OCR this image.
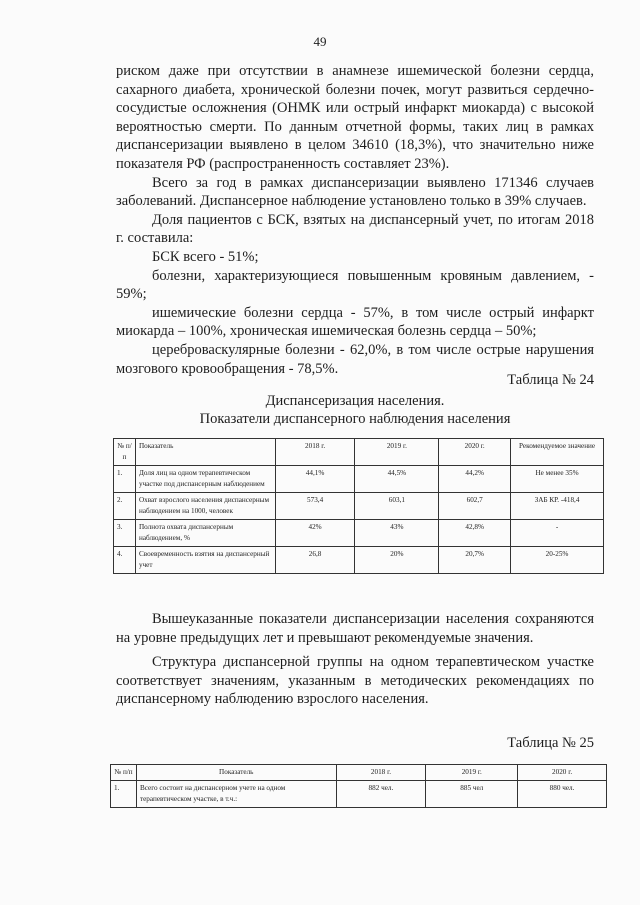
49

риском даже при отсутствии в анамнезе ишемической болезни сердца, сахарного диабета, хронической болезни почек, могут развиться сердечно-сосудистые осложнения (ОНМК или острый инфаркт миокарда) с высокой вероятностью смерти. По данным отчетной формы, таких лиц в рамках диспансеризации выявлено в целом 34610 (18,3%), что значительно ниже показателя РФ (распространенность составляет 23%).

Всего за год в рамках диспансеризации выявлено 171346 случаев заболеваний. Диспансерное наблюдение установлено только в 39% случаев.

Доля пациентов с БСК, взятых на диспансерный учет, по итогам 2018 г. составила:

БСК всего - 51%;

болезни, характеризующиеся повышенным кровяным давлением, - 59%;

ишемические болезни сердца - 57%, в том числе острый инфаркт миокарда – 100%, хроническая ишемическая болезнь сердца – 50%;

цереброваскулярные болезни - 62,0%, в том числе острые нарушения мозгового кровообращения - 78,5%.

Таблица № 24
Диспансеризация населения.
Показатели диспансерного наблюдения населения
№ п/п	Показатель	2018 г.	2019 г.	2020 г.	Рекомендуемое значение
1.	Доля лиц на одном терапевтическом участке под диспансерным наблюдением	44,1%	44,5%	44,2%	Не менее 35%
2.	Охват взрослого населения диспансерным наблюдением на 1000, человек	573,4	603,1	602,7	ЗАБ КР. -418,4
3.	Полнота охвата диспансерным наблюдением, %	42%	43%	42,8%	-
4.	Своевременность взятия на диспансерный учет	26,8	20%	20,7%	20-25%

Вышеуказанные показатели диспансеризации населения сохраняются на уровне предыдущих лет и превышают рекомендуемые значения.

Структура диспансерной группы на одном терапевтическом участке соответствует значениям, указанным в методических рекомендациях по диспансерному наблюдению взрослого населения.

Таблица № 25
№ п/п	Показатель	2018 г.	2019 г.	2020 г.
1.	Всего состоит на диспансерном учете на одном терапевтическом участке, в т.ч.:	882 чел.	885 чел	880 чел.
